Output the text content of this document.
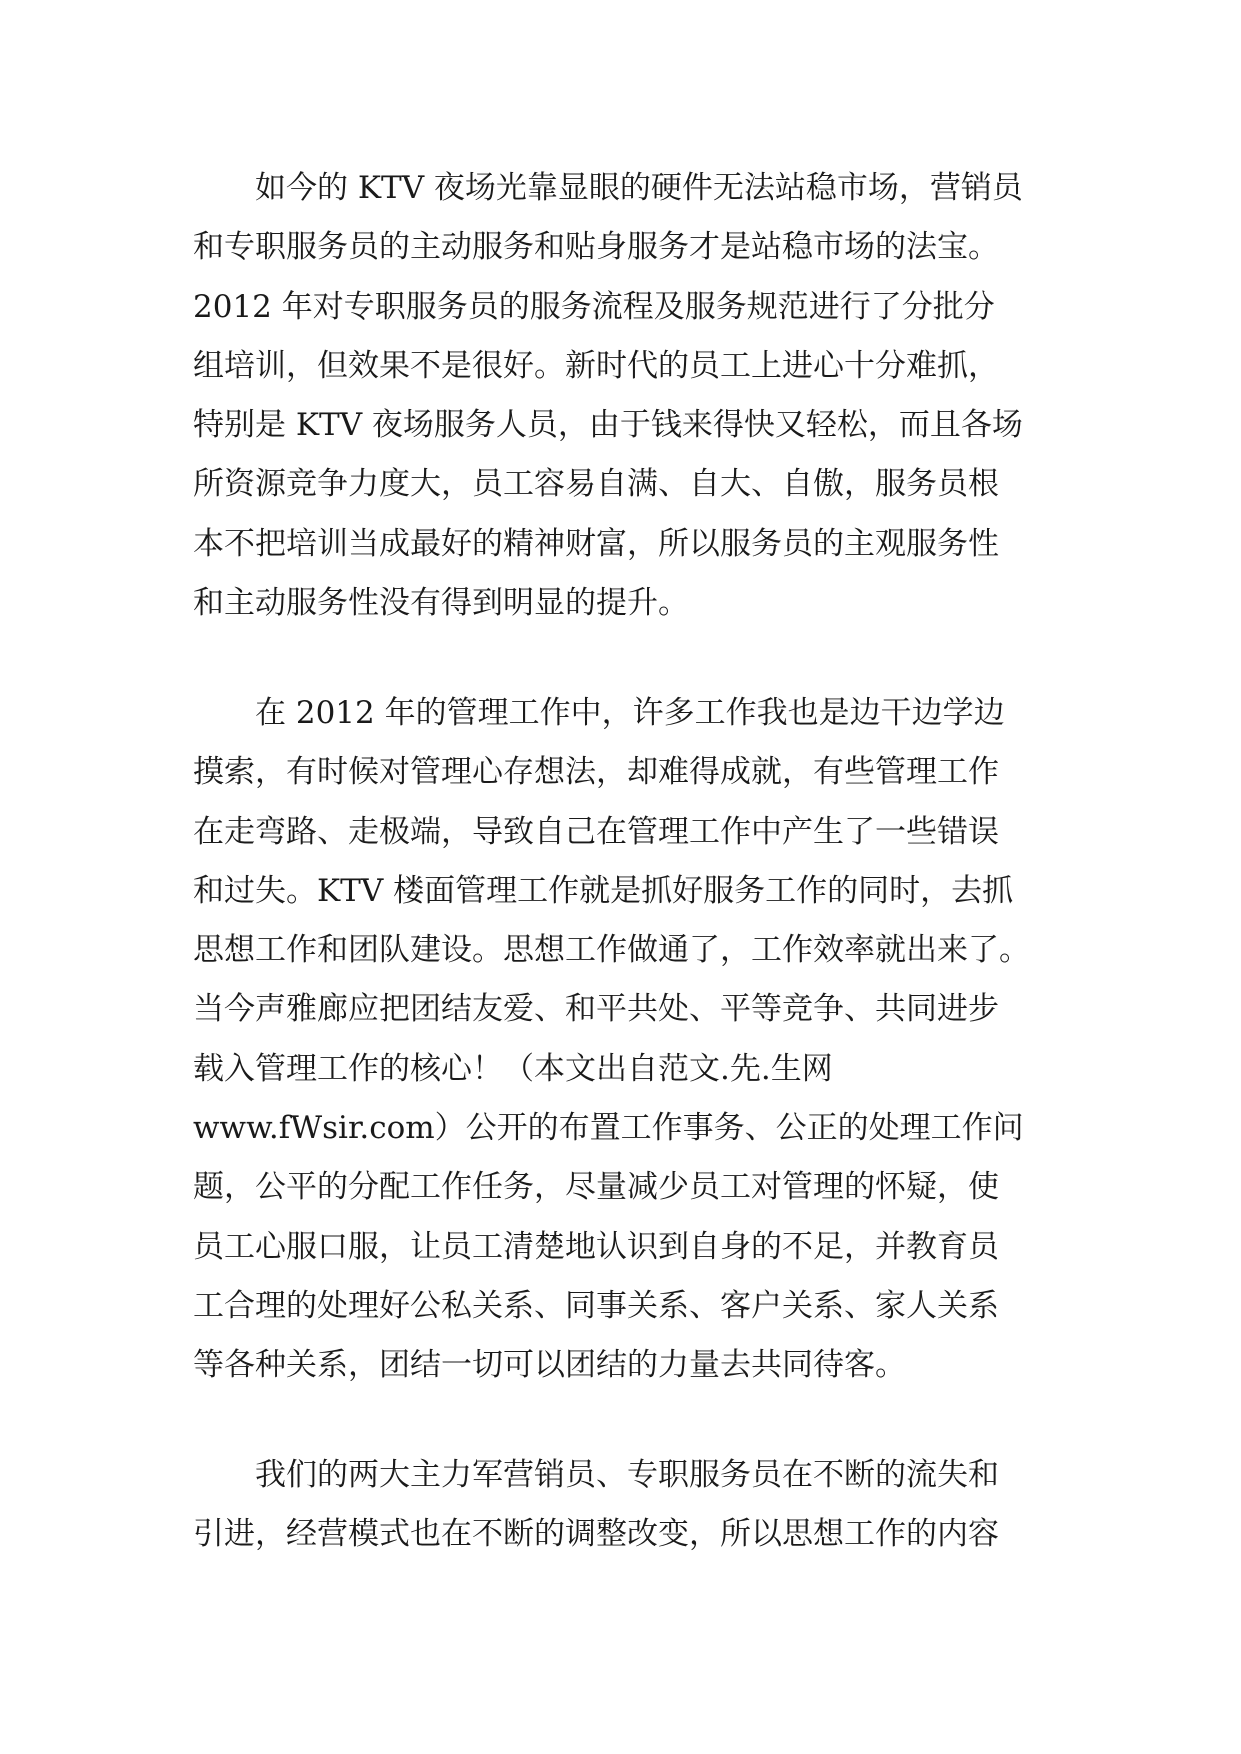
　　如今的 KTV 夜场光靠显眼的硬件无法站稳市场，营销员
和专职服务员的主动服务和贴身服务才是站稳市场的法宝。
2012 年对专职服务员的服务流程及服务规范进行了分批分
组培训，但效果不是很好。新时代的员工上进心十分难抓，
特别是 KTV 夜场服务人员，由于钱来得快又轻松，而且各场
所资源竞争力度大，员工容易自满、自大、自傲，服务员根
本不把培训当成最好的精神财富，所以服务员的主观服务性
和主动服务性没有得到明显的提升。
　　在 2012 年的管理工作中，许多工作我也是边干边学边
摸索，有时候对管理心存想法，却难得成就，有些管理工作
在走弯路、走极端，导致自己在管理工作中产生了一些错误
和过失。KTV 楼面管理工作就是抓好服务工作的同时，去抓
思想工作和团队建设。思想工作做通了，工作效率就出来了。
当今声雅廊应把团结友爱、和平共处、平等竞争、共同进步
载入管理工作的核心！（本文出自范文.先.生网
www.fWsir.com）公开的布置工作事务、公正的处理工作问
题，公平的分配工作任务，尽量减少员工对管理的怀疑，使
员工心服口服，让员工清楚地认识到自身的不足，并教育员
工合理的处理好公私关系、同事关系、客户关系、家人关系
等各种关系，团结一切可以团结的力量去共同待客。
　　我们的两大主力军营销员、专职服务员在不断的流失和
引进，经营模式也在不断的调整改变，所以思想工作的内容
